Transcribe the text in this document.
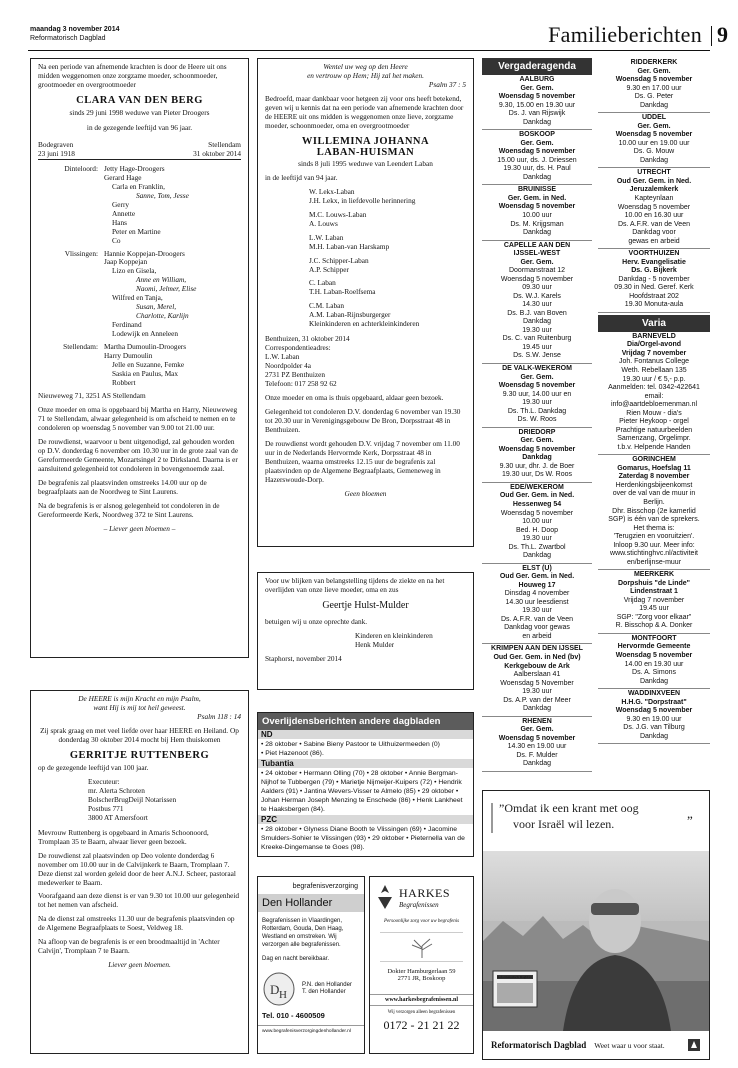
maandag 3 november 2014
Reformatorisch Dagblad	Familieberichten 9

Na een periode van afnemende krachten is door de Heere uit ons midden weggenomen onze zorgzame moeder, schoonmoeder, grootmoeder en overgrootmoeder

CLARA VAN DEN BERG

sinds 29 juni 1998 weduwe van Pieter Droogers

in de gezegende leeftijd van 96 jaar.

Bodegraven	Stellendam
23 juni 1918	31 oktober 2014
Dinteloord: Jetty Hage-Droogers
Gerard Hage
Carla en Franklin,
Sanne, Tom, Jesse
Gerry
Annette
Hans
Peter en Martine
Co
Vlissingen: Hannie Koppejan-Droogers
Jaap Koppejan
Lizo en Gisela,
Anne en William,
Naomi, Jelmer, Elise
Wilfred en Tanja,
Susan, Merel,
Charlotte, Karlijn
Ferdinand
Lodewijk en Anneleen
Stellendam: Martha Dumoulin-Droogers
Harry Dumoulin
Jelle en Suzanne, Femke
Saskia en Paulus, Max
Robbert

Nieuweweg 71, 3251 AS Stellendam

Onze moeder en oma is opgebaard bij Martha en Harry, Nieuweweg 71 te Stellendam, alwaar gelegenheid is om afscheid te nemen en te condoleren op woensdag 5 november van 9.00 tot 21.00 uur.

De rouwdienst, waarvoor u bent uitgenodigd, zal gehouden worden op D.V. donderdag 6 november om 10.30 uur in de grote zaal van de Gereformeerde Gemeente, Mozartsingel 2 te Dirksland. Daarna is er aansluitend gelegenheid tot condoleren in bovengenoemde zaal.

De begrafenis zal plaatsvinden omstreeks 14.00 uur op de begraafplaats aan de Noordweg te Sint Laurens.

Na de begrafenis is er alsnog gelegenheid tot condoleren in de Gereformeerde Kerk, Noordweg 372 te Sint Laurens.

– Liever geen bloemen –

Wentel uw weg op den Heere

en vertrouw op Hem; Hij zal het maken.

Psalm 37 : 5

Bedroefd, maar dankbaar voor hetgeen zij voor ons heeft betekend, geven wij u kennis dat na een periode van afnemende krachten door de HEERE uit ons midden is weggenomen onze lieve, zorgzame moeder, schoonmoeder, oma en overgrootmoeder

WILLEMINA JOHANNA
LABAN-HUISMAN

sinds 8 juli 1995 weduwe van Leendert Laban

in de leeftijd van 94 jaar.

W. Lekx-Laban
J.H. Lekx, in liefdevolle herinnering
M.C. Louws-Laban
A. Louws
L.W. Laban
M.H. Laban-van Harskamp
J.C. Schipper-Laban
A.P. Schipper
C. Laban
T.H. Laban-Roelfsema
C.M. Laban
A.M. Laban-Rijnsburgerger
Kleinkinderen en achterkleinkinderen
Benthuizen, 31 oktober 2014
Correspondentieadres:
L.W. Laban
Noordpolder 4a
2731 PZ Benthuizen
Telefoon: 017 258 92 62

Onze moeder en oma is thuis opgebaard, aldaar geen bezoek.

Gelegenheid tot condoleren D.V. donderdag 6 november van 19.30 tot 20.30 uur in Verenigingsgebouw De Bron, Dorpsstraat 48 in Benthuizen.

De rouwdienst wordt gehouden D.V. vrijdag 7 november om 11.00 uur in de Nederlands Hervormde Kerk, Dorpsstraat 48 in Benthuizen, waarna omstreeks 12.15 uur de begrafenis zal plaatsvinden op de Algemene Begraafplaats, Gemeneweg in Hazerswoude-Dorp.

Geen bloemen

Voor uw blijken van belangstelling tijdens de ziekte en na het overlijden van onze lieve moeder, oma en zus

Geertje Hulst-Mulder

betuigen wij u onze oprechte dank.

Kinderen en kleinkinderen

Henk Mulder

Staphorst, november 2014

De HEERE is mijn Kracht en mijn Psalm,

want Hij is mij tot heil geweest.

Psalm 118 : 14

Zij sprak graag en met veel liefde over haar HEERE en Heiland. Op donderdag 30 oktober 2014 mocht bij Hem thuiskomen

GERRITJE RUTTENBERG

op de gezegende leeftijd van 100 jaar.

Executeur:
mr. Alerta Schroten
BolscherBrugDeijl Notarissen
Postbus 771
3800 AT Amersfoort

Mevrouw Ruttenberg is opgebaard in Amaris Schoonoord, Tromplaan 35 te Baarn, alwaar liever geen bezoek.

De rouwdienst zal plaatsvinden op Deo volente donderdag 6 november om 10.00 uur in de Calvijnkerk te Baarn, Tromplaan 7. Deze dienst zal worden geleid door de heer A.N.J. Scheer, pastoraal medewerker te Baarn.

Voorafgaand aan deze dienst is er van 9.30 tot 10.00 uur gelegenheid tot het nemen van afscheid.

Na de dienst zal omstreeks 11.30 uur de begrafenis plaatsvinden op de Algemene Begraafplaats te Soest, Veldweg 18.

Na afloop van de begrafenis is er een broodmaaltijd in 'Achter Calvijn', Tromplaan 7 te Baarn.

Liever geen bloemen.

Overlijdensberichten andere dagbladen
ND
• 28 oktober • Sabine Bieny Pastoor te Uithuizermeeden (0)
• Piet Hazenoot (86).
Tubantia
• 24 oktober • Hermann Olling (70) • 28 oktober • Annie Bergman-Nijhof te Tubbergen (79) • Marietje Nijmeijer-Kuipers (72) • Hendrik Aalders (91) • Jantina Wevers-Visser te Almelo (85) • 29 oktober • Johan Herman Joseph Menzing te Enschede (86) • Henk Lankheet te Haaksbergen (84).
PZC
• 28 oktober • Glyness Diane Booth te Vlissingen (69) • Jacomine Smulders-Sohier te Vlissingen (93) • 29 oktober • Pieternella van de Kreeke-Dingemanse te Goes (98).
begrafenisverzorging
Den Hollander
Begrafenissen in Vlaardingen, Rotterdam, Gouda, Den Haag, Westland en omstreken. Wij verzorgen alle begrafenissen.
Dag en nacht bereikbaar.
D H
P.N. den Hollander
T. den Hollander
Tel. 010 - 4600509
www.begrafenisverzorgingdenhollander.nl
HARKES
Begrafenissen
Persoonlijke zorg voor uw begrafenis
Dokter Hamburgerlaan 59
2771 JR, Boskoop
www.harkesbegrafenissen.nl
Wij verzorgen alleen begrafenissen
0172 - 21 21 22
Vergaderagenda
AALBURG
Ger. Gem.
Woensdag 5 november
9.30, 15.00 en 19.30 uur
Ds. J. van Rijswijk
Dankdag
BOSKOOP
Ger. Gem.
Woensdag 5 november
15.00 uur, ds. J. Driessen
19.30 uur, ds. H. Paul
Dankdag
BRUINISSE
Ger. Gem. in Ned.
Woensdag 5 november
10.00 uur
Ds. M. Krijgsman
Dankdag
CAPELLE AAN DEN
IJSSEL-WEST
Ger. Gem.
Doormanstraat 12
Woensdag 5 november
09.30 uur
Ds. W.J. Karels
14.30 uur
Ds. B.J. van Boven
Dankdag
19.30 uur
Ds. C. van Ruitenburg
19.45 uur
Ds. S.W. Jense
DE VALK-WEKEROM
Ger. Gem.
Woensdag 5 november
9.30 uur, 14.00 uur en
19.30 uur
Ds. Th.L. Dankdag
Ds. W. Roos
DRIEDORP
Ger. Gem.
Woensdag 5 november
Dankdag
9.30 uur, dhr. J. de Boer
19.30 uur, Ds W. Roos
EDE/WEKEROM
Oud Ger. Gem. in Ned.
Hessenweg 54
Woensdag 5 november
10.00 uur
Bed. H. Doop
19.30 uur
Ds. Th.L. Zwartbol
Dankdag
ELST (U)
Oud Ger. Gem. in Ned.
Houweg 17
Dinsdag 4 november
14.30 uur leesdienst
19.30 uur
Ds. A.F.R. van de Veen
Dankdag voor gewas
en arbeid
KRIMPEN AAN DEN IJSSEL
Oud Ger. Gem. in Ned (bv)
Kerkgebouw de Ark
Aalberslaan 41
Woensdag 5 November
19.30 uur
Ds. A.P. van der Meer
Dankdag
RHENEN
Ger. Gem.
Woensdag 5 november
14.30 en 19.00 uur
Ds. F. Mulder
Dankdag
RIDDERKERK
Ger. Gem.
Woensdag 5 november
9.30 en 17.00 uur
Ds. G. Peter
Dankdag
UDDEL
Ger. Gem.
Woensdag 5 november
10.00 uur en 19.00 uur
Ds. G. Mouw
Dankdag
UTRECHT
Oud Ger. Gem. in Ned.
Jeruzalemkerk
Kapteynlaan
Woensdag 5 november
10.00 en 16.30 uur
Ds. A.F.R. van de Veen
Dankdag voor
gewas en arbeid
VOORTHUIZEN
Herv. Evangelisatie
Ds. G. Bijkerk
Dankdag - 5 november
09.30 in Ned. Geref. Kerk
Hoofdstraat 202
19.30 Monuta-aula
Varia
BARNEVELD
Dia/Orgel-avond
Vrijdag 7 november
Joh. Fontanus College
Weth. Rebellaan 135
19.30 uur / € 5,- p.p.
Aanmelden: tel. 0342-422641
email:
info@aartdebloemenman.nl
Rien Mouw - dia's
Pieter Heykoop - orgel
Prachtige natuurbeelden
Samenzang, Orgelimpr.
t.b.v. Helpende Handen
GORINCHEM
Gomarus, Hoefslag 11
Zaterdag 8 november
Herdenkingsbijeenkomst
over de val van de muur in
Berlijn.
Dhr. Bisschop (2e kamerlid
SGP) is één van de sprekers.
Het thema is:
'Terugzien en vooruitzien'.
Inloop 9.30 uur. Meer info:
www.stichtinghvc.nl/activiteit
en/berlijnse-muur
MEERKERK
Dorpshuis "de Linde"
Lindenstraat 1
Vrijdag 7 november
19.45 uur
SGP: "Zorg voor elkaar"
R. Bisschop & A. Donker
MONTFOORT
Hervormde Gemeente
Woensdag 5 november
14.00 en 19.30 uur
Ds. A. Simons
Dankdag
WADDINXVEEN
H.H.G. "Dorpstraat"
Woensdag 5 november
9.30 en 19.00 uur
Ds. J.G. van Tilburg
Dankdag
”Omdat ik een krant met oog
voor Israël wil lezen.	”
Reformatorisch Dagblad
Reformatorisch Dagblad Weet waar u voor staat.
